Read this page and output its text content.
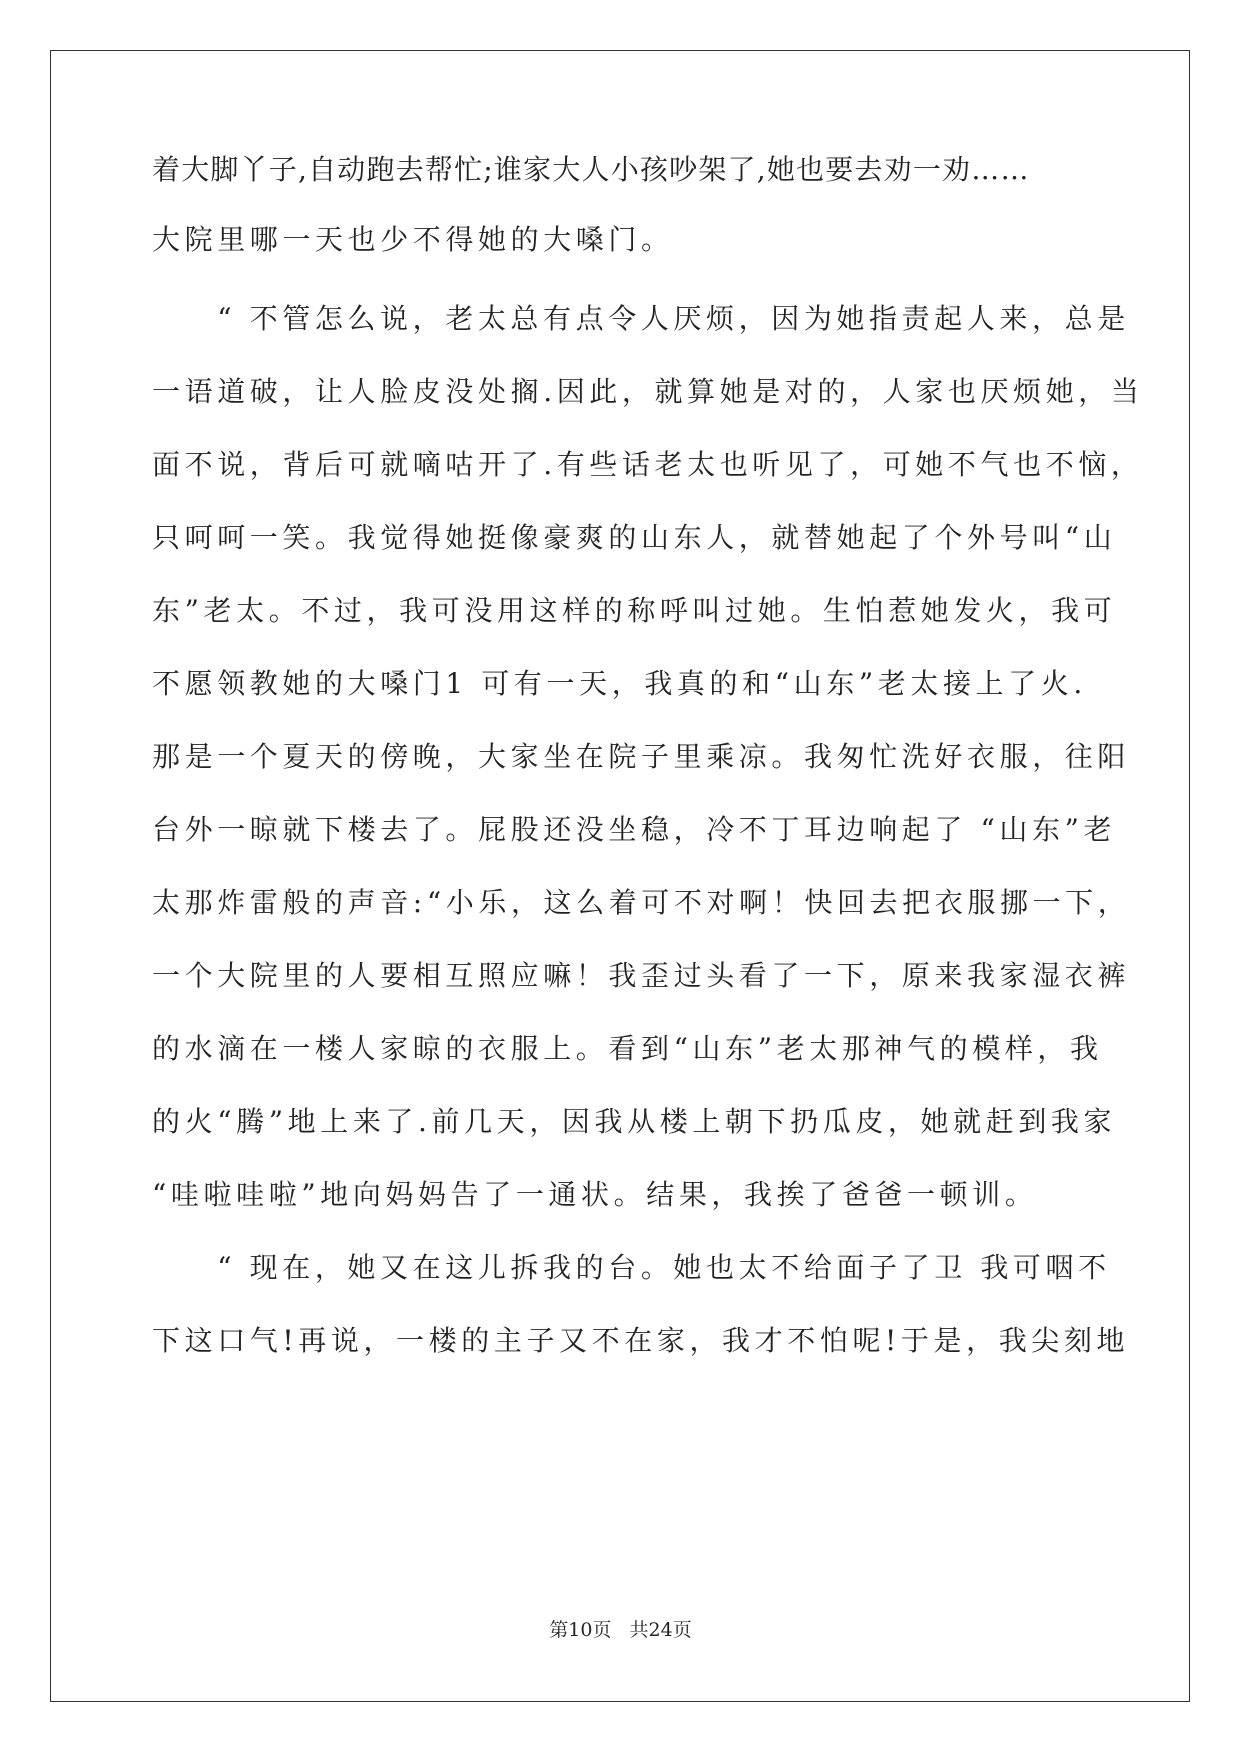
着大脚丫子,自动跑去帮忙;谁家大人小孩吵架了,她也要去劝一劝……
大院里哪一天也少不得她的大嗓门。
　　“ 不管怎么说，老太总有点令人厌烦，因为她指责起人来，总是
一语道破，让人脸皮没处搁.因此，就算她是对的，人家也厌烦她，当
面不说，背后可就嘀咕开了.有些话老太也听见了，可她不气也不恼，
只呵呵一笑。我觉得她挺像豪爽的山东人，就替她起了个外号叫“山
东”老太。不过，我可没用这样的称呼叫过她。生怕惹她发火，我可
不愿领教她的大嗓门1 可有一天，我真的和“山东”老太接上了火.
那是一个夏天的傍晚，大家坐在院子里乘凉。我匆忙洗好衣服，往阳
台外一晾就下楼去了。屁股还没坐稳，冷不丁耳边响起了 “山东”老
太那炸雷般的声音:“小乐，这么着可不对啊！快回去把衣服挪一下，
一个大院里的人要相互照应嘛！我歪过头看了一下，原来我家湿衣裤
的水滴在一楼人家晾的衣服上。看到“山东”老太那神气的模样，我
的火“腾”地上来了.前几天，因我从楼上朝下扔瓜皮，她就赶到我家
“哇啦哇啦”地向妈妈告了一通状。结果，我挨了爸爸一顿训。
　　“ 现在，她又在这儿拆我的台。她也太不给面子了卫 我可咽不
下这口气!再说，一楼的主子又不在家，我才不怕呢!于是，我尖刻地
第10页 共24页
